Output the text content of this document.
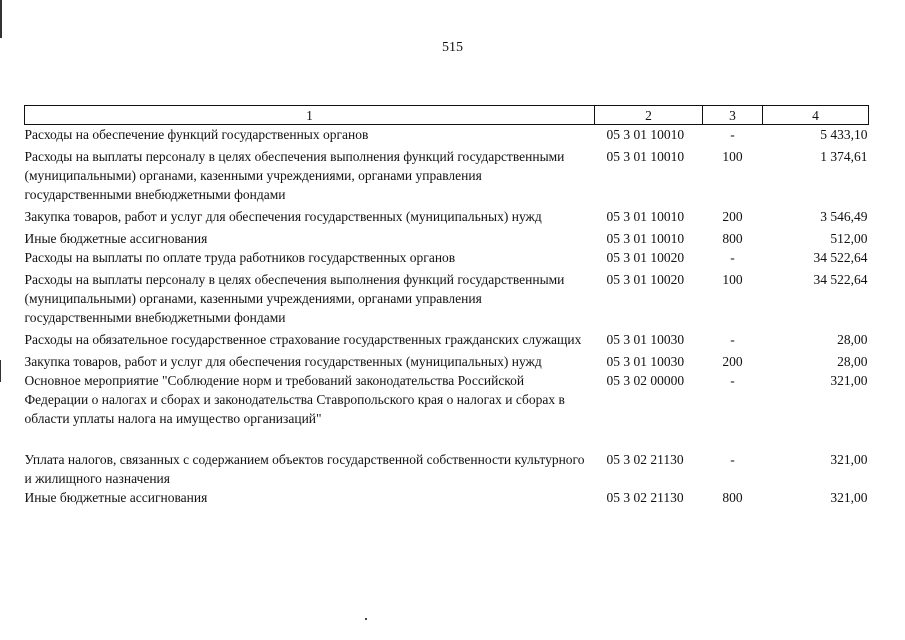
515
1	2	3	4
Расходы на обеспечение функций государственных органов	05 3 01 10010	-	5 433,10
Расходы на выплаты персоналу в целях обеспечения выполнения функций государственными (муниципальными) органами, казенными учреждениями, органами управления государственными внебюджетными фондами	05 3 01 10010	100	1 374,61
Закупка товаров, работ и услуг для обеспечения государственных (муниципальных) нужд	05 3 01 10010	200	3 546,49
Иные бюджетные ассигнования	05 3 01 10010	800	512,00
Расходы на выплаты по оплате труда работников государственных органов	05 3 01 10020	-	34 522,64
Расходы на выплаты персоналу в целях обеспечения выполнения функций государственными (муниципальными) органами, казенными учреждениями, органами управления государственными внебюджетными фондами	05 3 01 10020	100	34 522,64
Расходы на обязательное государственное страхование государственных гражданских служащих	05 3 01 10030	-	28,00
Закупка товаров, работ и услуг для обеспечения государственных (муниципальных) нужд	05 3 01 10030	200	28,00
Основное мероприятие "Соблюдение норм и требований законодательства Российской Федерации о налогах и сборах и законодательства Ставропольского края о налогах и сборах в области уплаты налога на имущество организаций"	05 3 02 00000	-	321,00
Уплата налогов, связанных с содержанием объектов государственной собственности культурного и жилищного назначения	05 3 02 21130	-	321,00
Иные бюджетные ассигнования	05 3 02 21130	800	321,00
